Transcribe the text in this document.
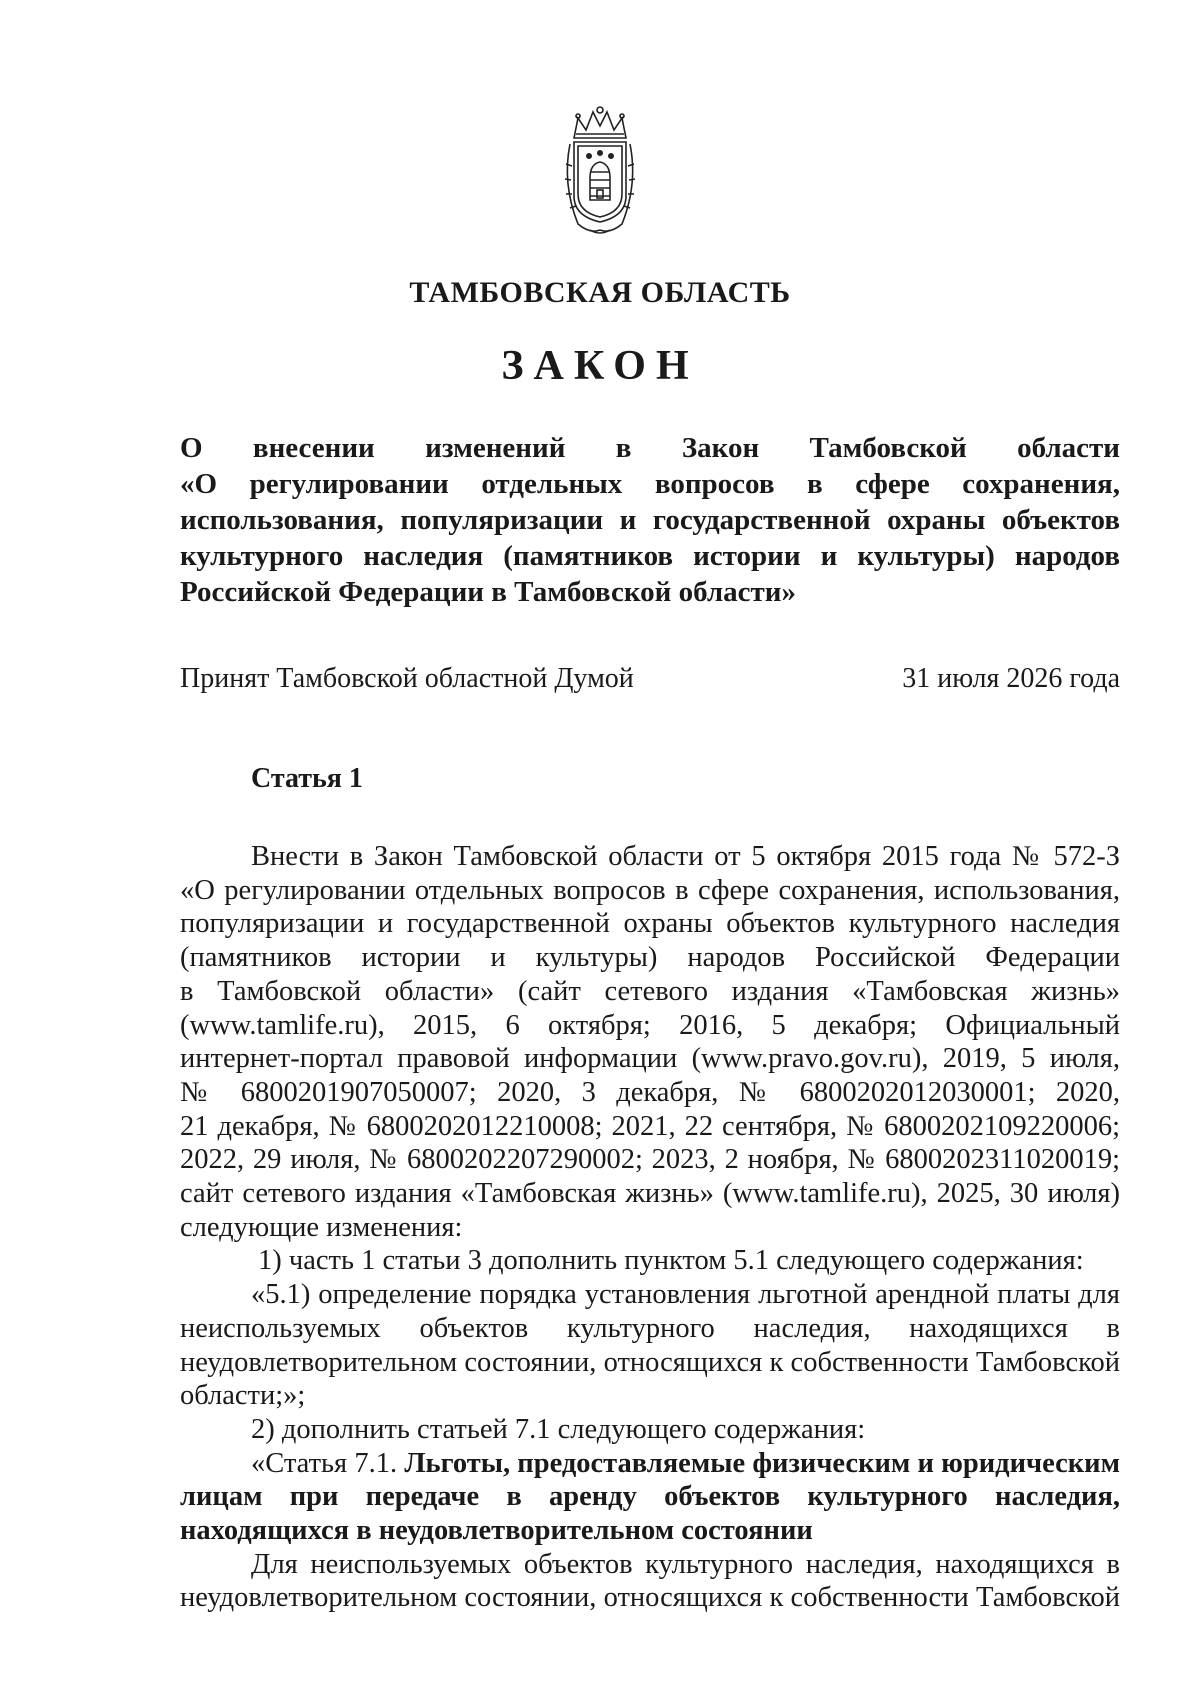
ТАМБОВСКАЯ ОБЛАСТЬ
ЗАКОН
О внесении изменений в Закон Тамбовской области
«О регулировании отдельных вопросов в сфере сохранения,
использования, популяризации и государственной охраны объектов
культурного наследия (памятников истории и культуры) народов
Российской Федерации в Тамбовской области»
Принят Тамбовской областной Думой	31 июля 2026 года
Статья 1
Внести в Закон Тамбовской области от 5 октября 2015 года № 572-З
«О регулировании отдельных вопросов в сфере сохранения, использования,
популяризации и государственной охраны объектов культурного наследия
(памятников истории и культуры) народов Российской Федерации
в Тамбовской области» (сайт сетевого издания «Тамбовская жизнь»
(www.tamlife.ru), 2015, 6 октября; 2016, 5 декабря; Официальный
интернет-портал правовой информации (www.pravo.gov.ru), 2019, 5 июля,
№ 6800201907050007; 2020, 3 декабря, № 6800202012030001; 2020,
21 декабря, № 6800202012210008; 2021, 22 сентября, № 6800202109220006;
2022, 29 июля, № 6800202207290002; 2023, 2 ноября, № 6800202311020019;
сайт сетевого издания «Тамбовская жизнь» (www.tamlife.ru), 2025, 30 июля)
следующие изменения:
1) часть 1 статьи 3 дополнить пунктом 5.1 следующего содержания:
«5.1) определение порядка установления льготной арендной платы для
неиспользуемых объектов культурного наследия, находящихся в
неудовлетворительном состоянии, относящихся к собственности Тамбовской
области;»;
2) дополнить статьей 7.1 следующего содержания:
«Статья 7.1. Льготы, предоставляемые физическим и юридическим
лицам при передаче в аренду объектов культурного наследия,
находящихся в неудовлетворительном состоянии
Для неиспользуемых объектов культурного наследия, находящихся в
неудовлетворительном состоянии, относящихся к собственности Тамбовской
